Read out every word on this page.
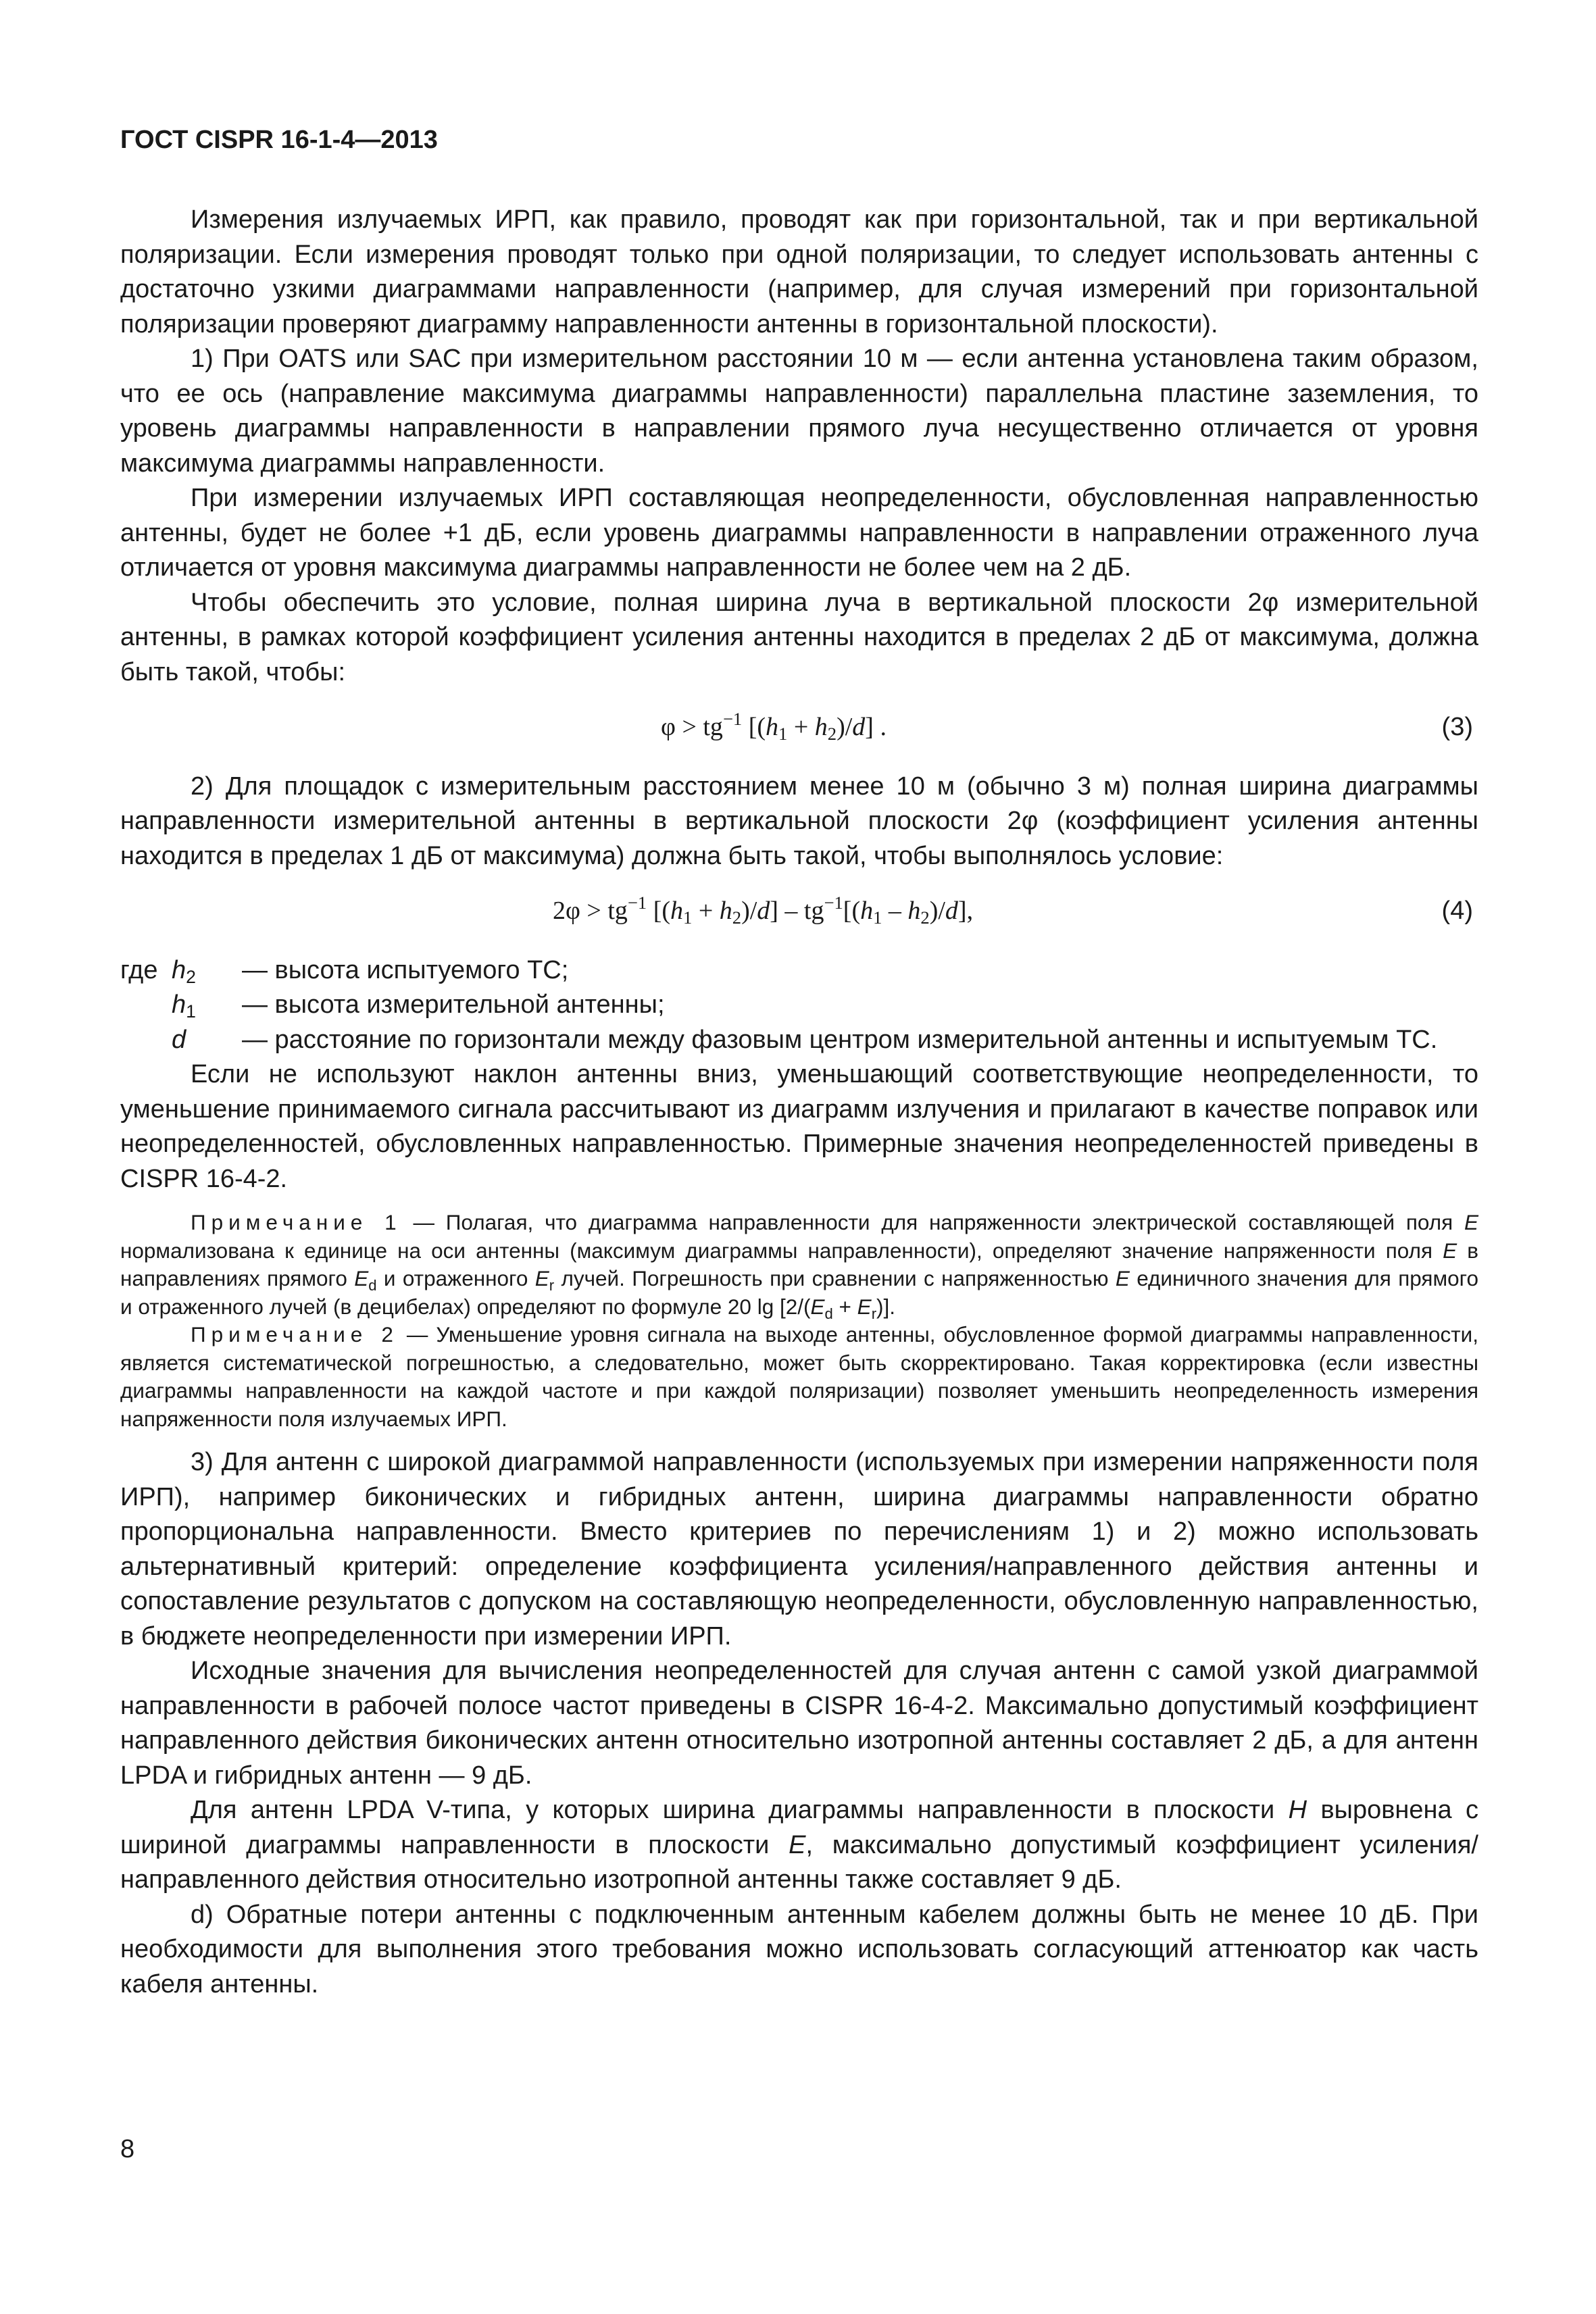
ГОСТ CISPR 16-1-4—2013

Измерения излучаемых ИРП, как правило, проводят как при горизонтальной, так и при вертикальной поляризации. Если измерения проводят только при одной поляризации, то следует использовать антенны с достаточно узкими диаграммами направленности (например, для случая измерений при горизонтальной поляризации проверяют диаграмму направленности антенны в горизонтальной плоскости).

1) При OATS или SAC при измерительном расстоянии 10 м — если антенна установлена таким образом, что ее ось (направление максимума диаграммы направленности) параллельна пластине заземления, то уровень диаграммы направленности в направлении прямого луча несущественно отличается от уровня максимума диаграммы направленности.

При измерении излучаемых ИРП составляющая неопределенности, обусловленная направленностью антенны, будет не более +1 дБ, если уровень диаграммы направленности в направлении отраженного луча отличается от уровня максимума диаграммы направленности не более чем на 2 дБ.

Чтобы обеспечить это условие, полная ширина луча в вертикальной плоскости 2φ измерительной антенны, в рамках которой коэффициент усиления антенны находится в пределах 2 дБ от максимума, должна быть такой, чтобы:

$\varphi > tg^{-1}$ $[(h_1 + h_2)/d]$ .	(3)

2) Для площадок с измерительным расстоянием менее 10 м (обычно 3 м) полная ширина диаграммы направленности измерительной антенны в вертикальной плоскости 2φ (коэффициент усиления антенны находится в пределах 1 дБ от максимума) должна быть такой, чтобы выполнялось условие:

$2\varphi > tg^{-1}$ $[(h_1 + h_2)/d] - tg^{-1}[(h_1 - h_2)/d]$,	(4)
где $h_2$	— высота испытуемого ТС;
$h_1$	— высота измерительной антенны;
d	— расстояние по горизонтали между фазовым центром измерительной антенны и испытуемым ТС.

Если не используют наклон антенны вниз, уменьшающий соответствующие неопределенности, то уменьшение принимаемого сигнала рассчитывают из диаграмм излучения и прилагают в качестве поправок или неопределенностей, обусловленных направленностью. Примерные значения неопределенностей приведены в CISPR 16-4-2.

Примечание 1 — Полагая, что диаграмма направленности для напряженности электрической составляющей поля E нормализована к единице на оси антенны (максимум диаграммы направленности), определяют значение напряженности поля E в направлениях прямого $E_d$ и отраженного $E_r$ лучей. Погрешность при сравнении с напряженностью E единичного значения для прямого и отраженного лучей (в децибелах) определяют по формуле 20 $\lg [2/(E_d + E_r)]$.

Примечание 2 — Уменьшение уровня сигнала на выходе антенны, обусловленное формой диаграммы направленности, является систематической погрешностью, а следовательно, может быть скорректировано. Такая корректировка (если известны диаграммы направленности на каждой частоте и при каждой поляризации) позволяет уменьшить неопределенность измерения напряженности поля излучаемых ИРП.

3) Для антенн с широкой диаграммой направленности (используемых при измерении напряженности поля ИРП), например биконических и гибридных антенн, ширина диаграммы направленности обратно пропорциональна направленности. Вместо критериев по перечислениям 1) и 2) можно использовать альтернативный критерий: определение коэффициента усиления/направленного действия антенны и сопоставление результатов с допуском на составляющую неопределенности, обусловленную направленностью, в бюджете неопределенности при измерении ИРП.

Исходные значения для вычисления неопределенностей для случая антенн с самой узкой диаграммой направленности в рабочей полосе частот приведены в CISPR 16-4-2. Максимально допустимый коэффициент направленного действия биконических антенн относительно изотропной антенны составляет 2 дБ, а для антенн LPDA и гибридных антенн — 9 дБ.

Для антенн LPDA V-типа, у которых ширина диаграммы направленности в плоскости H выровнена с шириной диаграммы направленности в плоскости E, максимально допустимый коэффициент усиления/направленного действия относительно изотропной антенны также составляет 9 дБ.

d) Обратные потери антенны с подключенным антенным кабелем должны быть не менее 10 дБ. При необходимости для выполнения этого требования можно использовать согласующий аттенюатор как часть кабеля антенны.

8
